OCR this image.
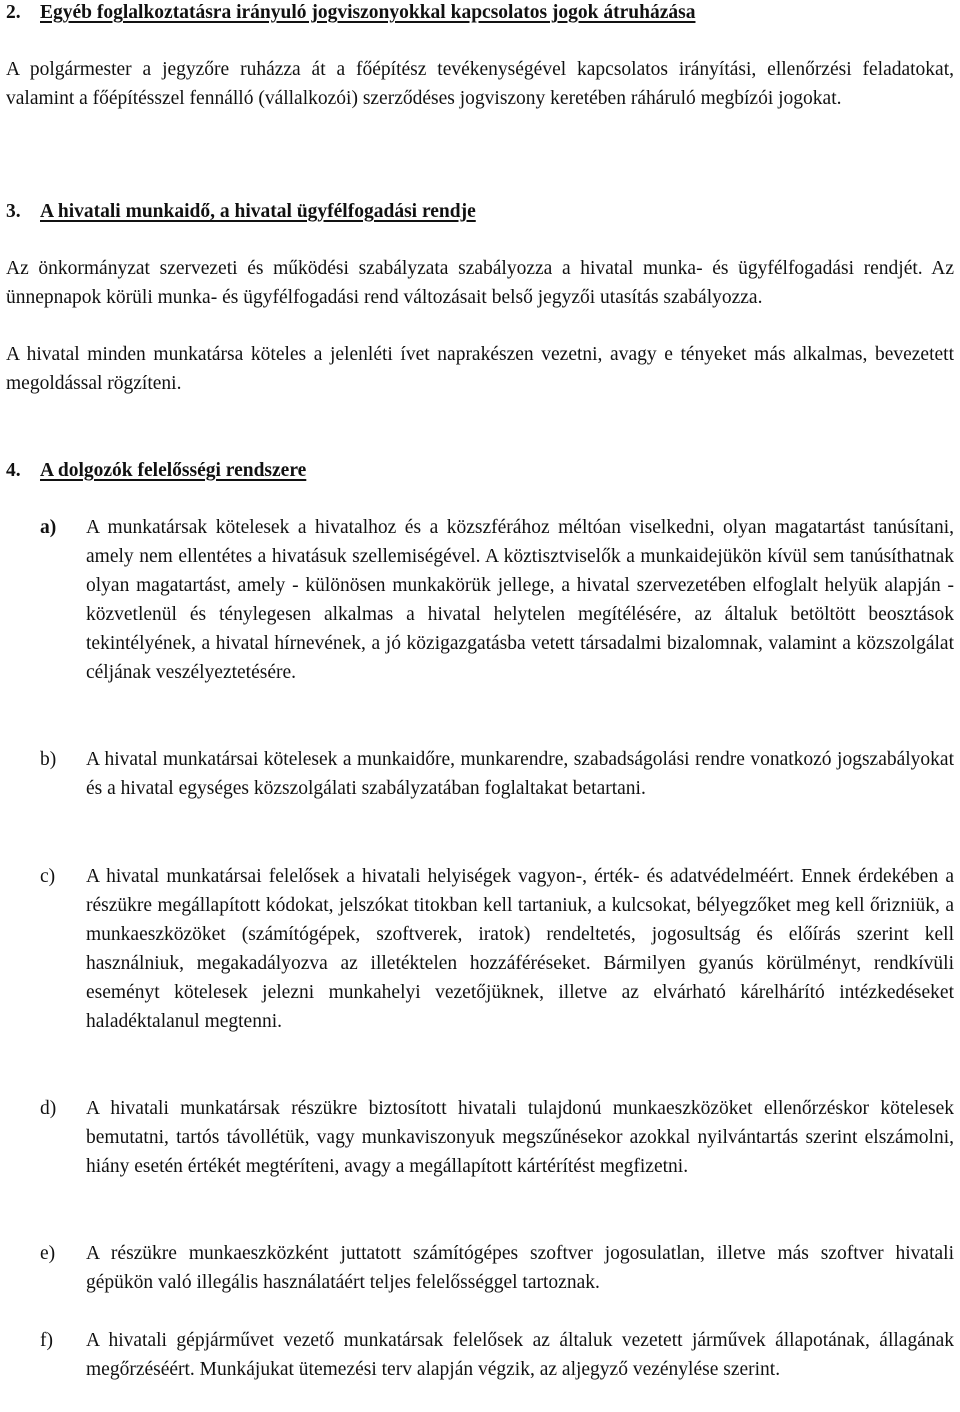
2. Egyéb foglalkoztatásra irányuló jogviszonyokkal kapcsolatos jogok átruházása
A polgármester a jegyzőre ruházza át a főépítész tevékenységével kapcsolatos irányítási, ellenőrzési feladatokat, valamint a főépítésszel fennálló (vállalkozói) szerződéses jogviszony keretében ráháruló megbízói jogokat.
3. A hivatali munkaidő, a hivatal ügyfélfogadási rendje
Az önkormányzat szervezeti és működési szabályzata szabályozza a hivatal munka- és ügyfélfogadási rendjét. Az ünnepnapok körüli munka- és ügyfélfogadási rend változásait belső jegyzői utasítás szabályozza.
A hivatal minden munkatársa köteles a jelenléti ívet naprakészen vezetni, avagy e tényeket más alkalmas, bevezetett megoldással rögzíteni.
4. A dolgozók felelősségi rendszere
a)	A munkatársak kötelesek a hivatalhoz és a közszférához méltóan viselkedni, olyan magatartást tanúsítani, amely nem ellentétes a hivatásuk szellemiségével. A köztisztviselők a munkaidejükön kívül sem tanúsíthatnak olyan magatartást, amely - különösen munkakörük jellege, a hivatal szervezetében elfoglalt helyük alapján - közvetlenül és ténylegesen alkalmas a hivatal helytelen megítélésére, az általuk betöltött beosztások tekintélyének, a hivatal hírnevének, a jó közigazgatásba vetett társadalmi bizalomnak, valamint a közszolgálat céljának veszélyeztetésére.
b)	A hivatal munkatársai kötelesek a munkaidőre, munkarendre, szabadságolási rendre vonatkozó jogszabályokat és a hivatal egységes közszolgálati szabályzatában foglaltakat betartani.
c)	A hivatal munkatársai felelősek a hivatali helyiségek vagyon-, érték- és adatvédelméért. Ennek érdekében a részükre megállapított kódokat, jelszókat titokban kell tartaniuk, a kulcsokat, bélyegzőket meg kell őrizniük, a munkaeszközöket (számítógépek, szoftverek, iratok) rendeltetés, jogosultság és előírás szerint kell használniuk, megakadályozva az illetéktelen hozzáféréseket. Bármilyen gyanús körülményt, rendkívüli eseményt kötelesek jelezni munkahelyi vezetőjüknek, illetve az elvárható kárelhárító intézkedéseket haladéktalanul megtenni.
d)	A hivatali munkatársak részükre biztosított hivatali tulajdonú munkaeszközöket ellenőrzéskor kötelesek bemutatni, tartós távollétük, vagy munkaviszonyuk megszűnésekor azokkal nyilvántartás szerint elszámolni, hiány esetén értékét megtéríteni, avagy a megállapított kártérítést megfizetni.
e)	A részükre munkaeszközként juttatott számítógépes szoftver jogosulatlan, illetve más szoftver hivatali gépükön való illegális használatáért teljes felelősséggel tartoznak.
f)	A hivatali gépjárművet vezető munkatársak felelősek az általuk vezetett járművek állapotának, állagának megőrzéséért. Munkájukat ütemezési terv alapján végzik, az aljegyző vezénylése szerint.
